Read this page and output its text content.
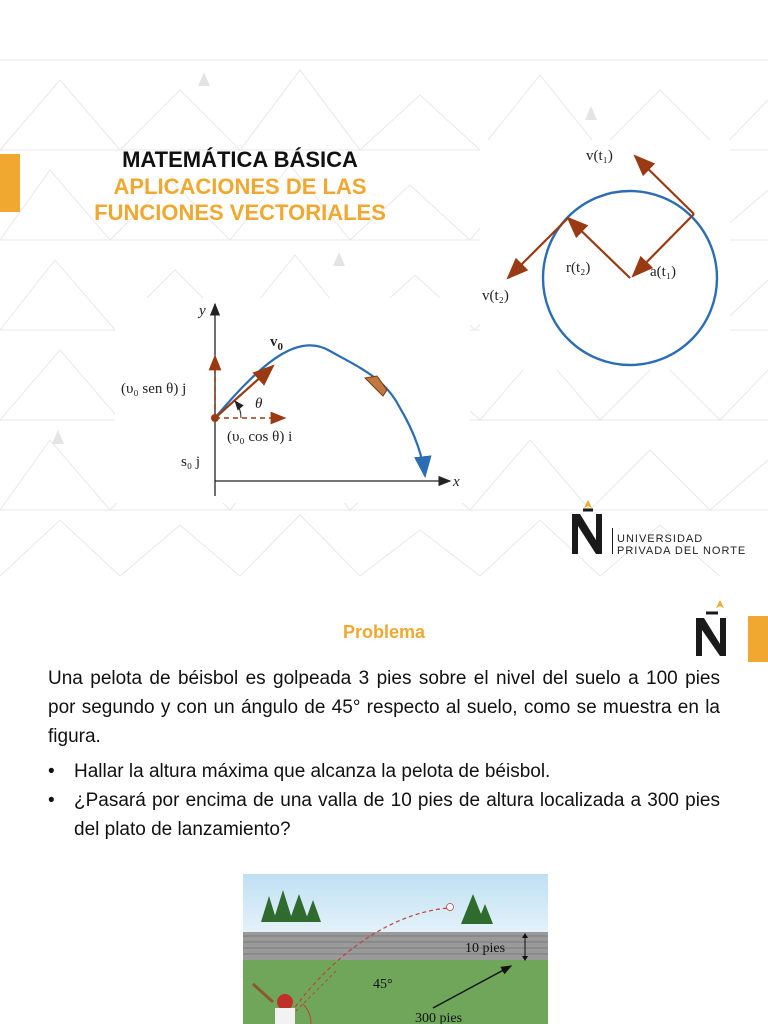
MATEMÁTICA BÁSICA
APLICACIONES DE LAS
FUNCIONES VECTORIALES
y
x
$v_0$
θ
(υ₀ sen θ) j
(υ₀ cos θ) i
s₀ j
v(t₁)
r(t₂)	a(t₁)
v(t₂)
UNIVERSIDAD
PRIVADA DEL NORTE
Problema
Una pelota de béisbol es golpeada 3 pies sobre el nivel del suelo a 100 pies por segundo y con un ángulo de 45° respecto al suelo, como se muestra en la figura.
• Hallar la altura máxima que alcanza la pelota de béisbol.
• ¿Pasará por encima de una valla de 10 pies de altura localizada a 300 pies del plato de lanzamiento?
10 pies
45°
300 pies
